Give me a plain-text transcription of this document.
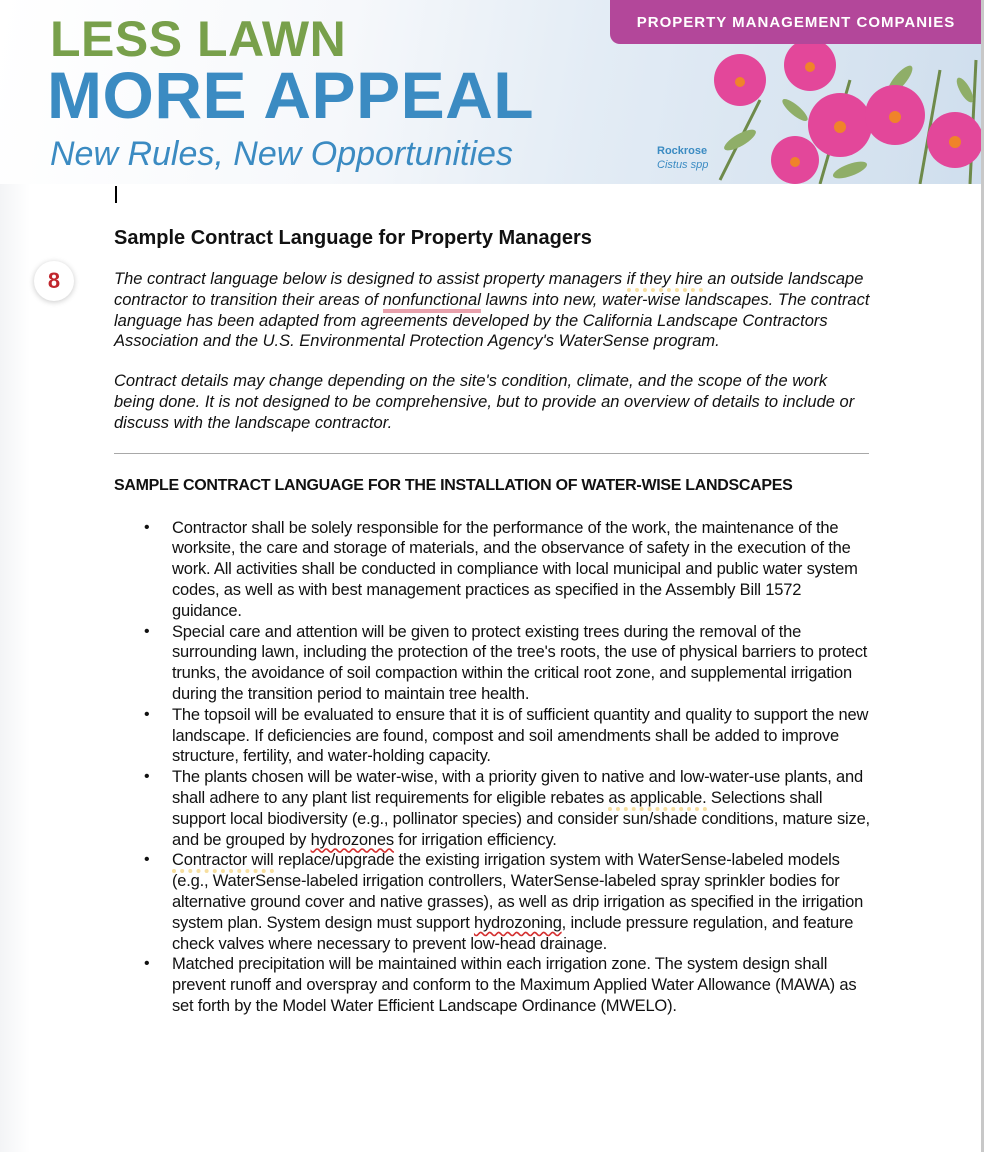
LESS LAWN
MORE APPEAL
New Rules, New Opportunities
PROPERTY MANAGEMENT COMPANIES
Rockrose
Cistus spp
8
Sample Contract Language for Property Managers

The contract language below is designed to assist property managers if they hire an outside landscape contractor to transition their areas of nonfunctional lawns into new, water-wise landscapes. The contract language has been adapted from agreements developed by the California Landscape Contractors Association and the U.S. Environmental Protection Agency's WaterSense program.

Contract details may change depending on the site's condition, climate, and the scope of the work being done. It is not designed to be comprehensive, but to provide an overview of details to include or discuss with the landscape contractor.

SAMPLE CONTRACT LANGUAGE FOR THE INSTALLATION OF WATER-WISE LANDSCAPES
• Contractor shall be solely responsible for the performance of the work, the maintenance of the worksite, the care and storage of materials, and the observance of safety in the execution of the work. All activities shall be conducted in compliance with local municipal and public water system codes, as well as with best management practices as specified in the Assembly Bill 1572 guidance.
• Special care and attention will be given to protect existing trees during the removal of the surrounding lawn, including the protection of the tree's roots, the use of physical barriers to protect trunks, the avoidance of soil compaction within the critical root zone, and supplemental irrigation during the transition period to maintain tree health.
• The topsoil will be evaluated to ensure that it is of sufficient quantity and quality to support the new landscape. If deficiencies are found, compost and soil amendments shall be added to improve structure, fertility, and water-holding capacity.
• The plants chosen will be water-wise, with a priority given to native and low-water-use plants, and shall adhere to any plant list requirements for eligible rebates as applicable. Selections shall support local biodiversity (e.g., pollinator species) and consider sun/shade conditions, mature size, and be grouped by hydrozones for irrigation efficiency.
• Contractor will replace/upgrade the existing irrigation system with WaterSense-labeled models (e.g., WaterSense-labeled irrigation controllers, WaterSense-labeled spray sprinkler bodies for alternative ground cover and native grasses), as well as drip irrigation as specified in the irrigation system plan. System design must support hydrozoning, include pressure regulation, and feature check valves where necessary to prevent low-head drainage.
• Matched precipitation will be maintained within each irrigation zone. The system design shall prevent runoff and overspray and conform to the Maximum Applied Water Allowance (MAWA) as set forth by the Model Water Efficient Landscape Ordinance (MWELO).
